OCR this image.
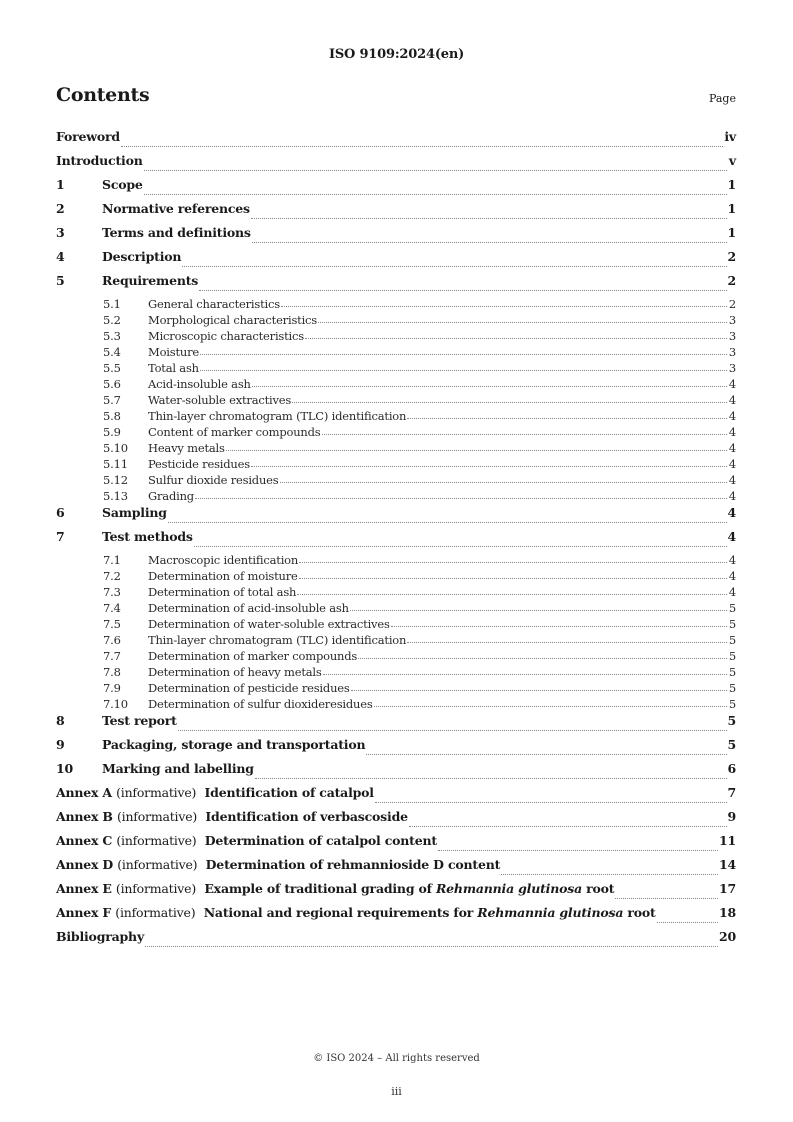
ISO 9109:2024(en)
Contents	Page
Foreword	iv
Introduction	v
1	Scope	1
2	Normative references	1
3	Terms and definitions	1
4	Description	2
5	Requirements	2
5.1	General characteristics	2
5.2	Morphological characteristics	3
5.3	Microscopic characteristics	3
5.4	Moisture	3
5.5	Total ash	3
5.6	Acid-insoluble ash	4
5.7	Water-soluble extractives	4
5.8	Thin-layer chromatogram (TLC) identification	4
5.9	Content of marker compounds	4
5.10	Heavy metals	4
5.11	Pesticide residues	4
5.12	Sulfur dioxide residues	4
5.13	Grading	4
6	Sampling	4
7	Test methods	4
7.1	Macroscopic identification	4
7.2	Determination of moisture	4
7.3	Determination of total ash	4
7.4	Determination of acid-insoluble ash	5
7.5	Determination of water-soluble extractives	5
7.6	Thin-layer chromatogram (TLC) identification	5
7.7	Determination of marker compounds	5
7.8	Determination of heavy metals	5
7.9	Determination of pesticide residues	5
7.10	Determination of sulfur dioxideresidues	5
8	Test report	5
9	Packaging, storage and transportation	5
10	Marking and labelling	6
Annex A (informative) Identification of catalpol	7
Annex B (informative) Identification of verbascoside	9
Annex C (informative) Determination of catalpol content	11
Annex D (informative) Determination of rehmannioside D content	14
Annex E (informative) Example of traditional grading of Rehmannia glutinosa root	17
Annex F (informative) National and regional requirements for Rehmannia glutinosa root	18
Bibliography	20
© ISO 2024 – All rights reserved
iii
